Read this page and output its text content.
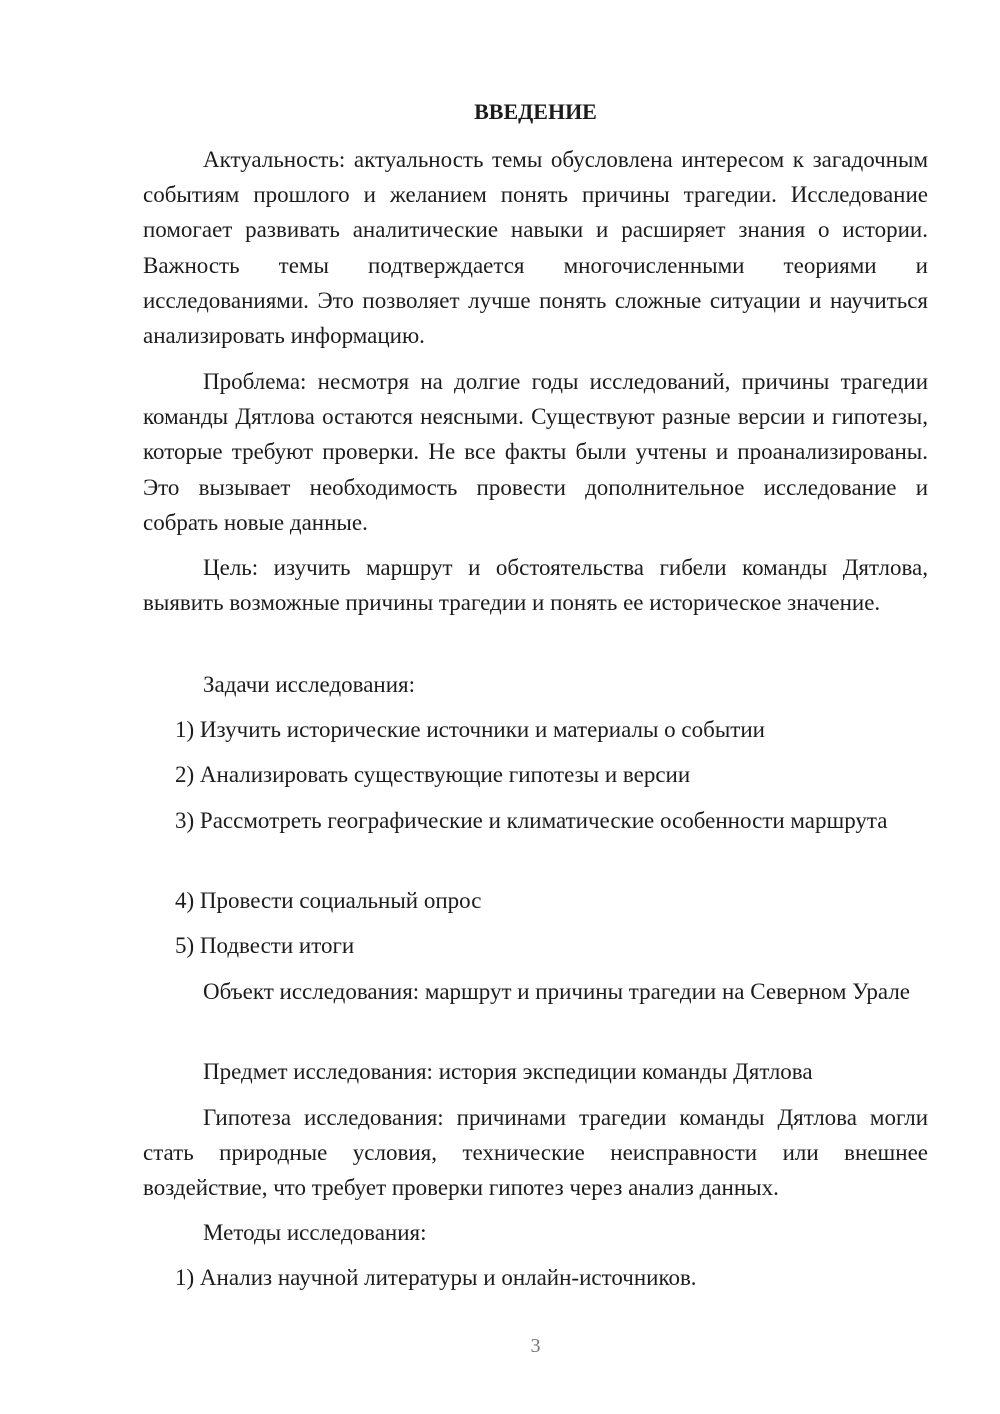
ВВЕДЕНИЕ
Актуальность: актуальность темы обусловлена интересом к загадочным событиям прошлого и желанием понять причины трагедии. Исследование помогает развивать аналитические навыки и расширяет знания о истории. Важность темы подтверждается многочисленными теориями и исследованиями. Это позволяет лучше понять сложные ситуации и научиться анализировать информацию.
Проблема: несмотря на долгие годы исследований, причины трагедии команды Дятлова остаются неясными. Существуют разные версии и гипотезы, которые требуют проверки. Не все факты были учтены и проанализированы. Это вызывает необходимость провести дополнительное исследование и собрать новые данные.
Цель: изучить маршрут и обстоятельства гибели команды Дятлова, выявить возможные причины трагедии и понять ее историческое значение.
Задачи исследования:
1) Изучить исторические источники и материалы о событии
2) Анализировать существующие гипотезы и версии
3) Рассмотреть географические и климатические особенности маршрута
4) Провести социальный опрос
5) Подвести итоги
Объект исследования: маршрут и причины трагедии на Северном Урале
Предмет исследования: история экспедиции команды Дятлова
Гипотеза исследования: причинами трагедии команды Дятлова могли стать природные условия, технические неисправности или внешнее воздействие, что требует проверки гипотез через анализ данных.
Методы исследования:
1) Анализ научной литературы и онлайн-источников.
3
